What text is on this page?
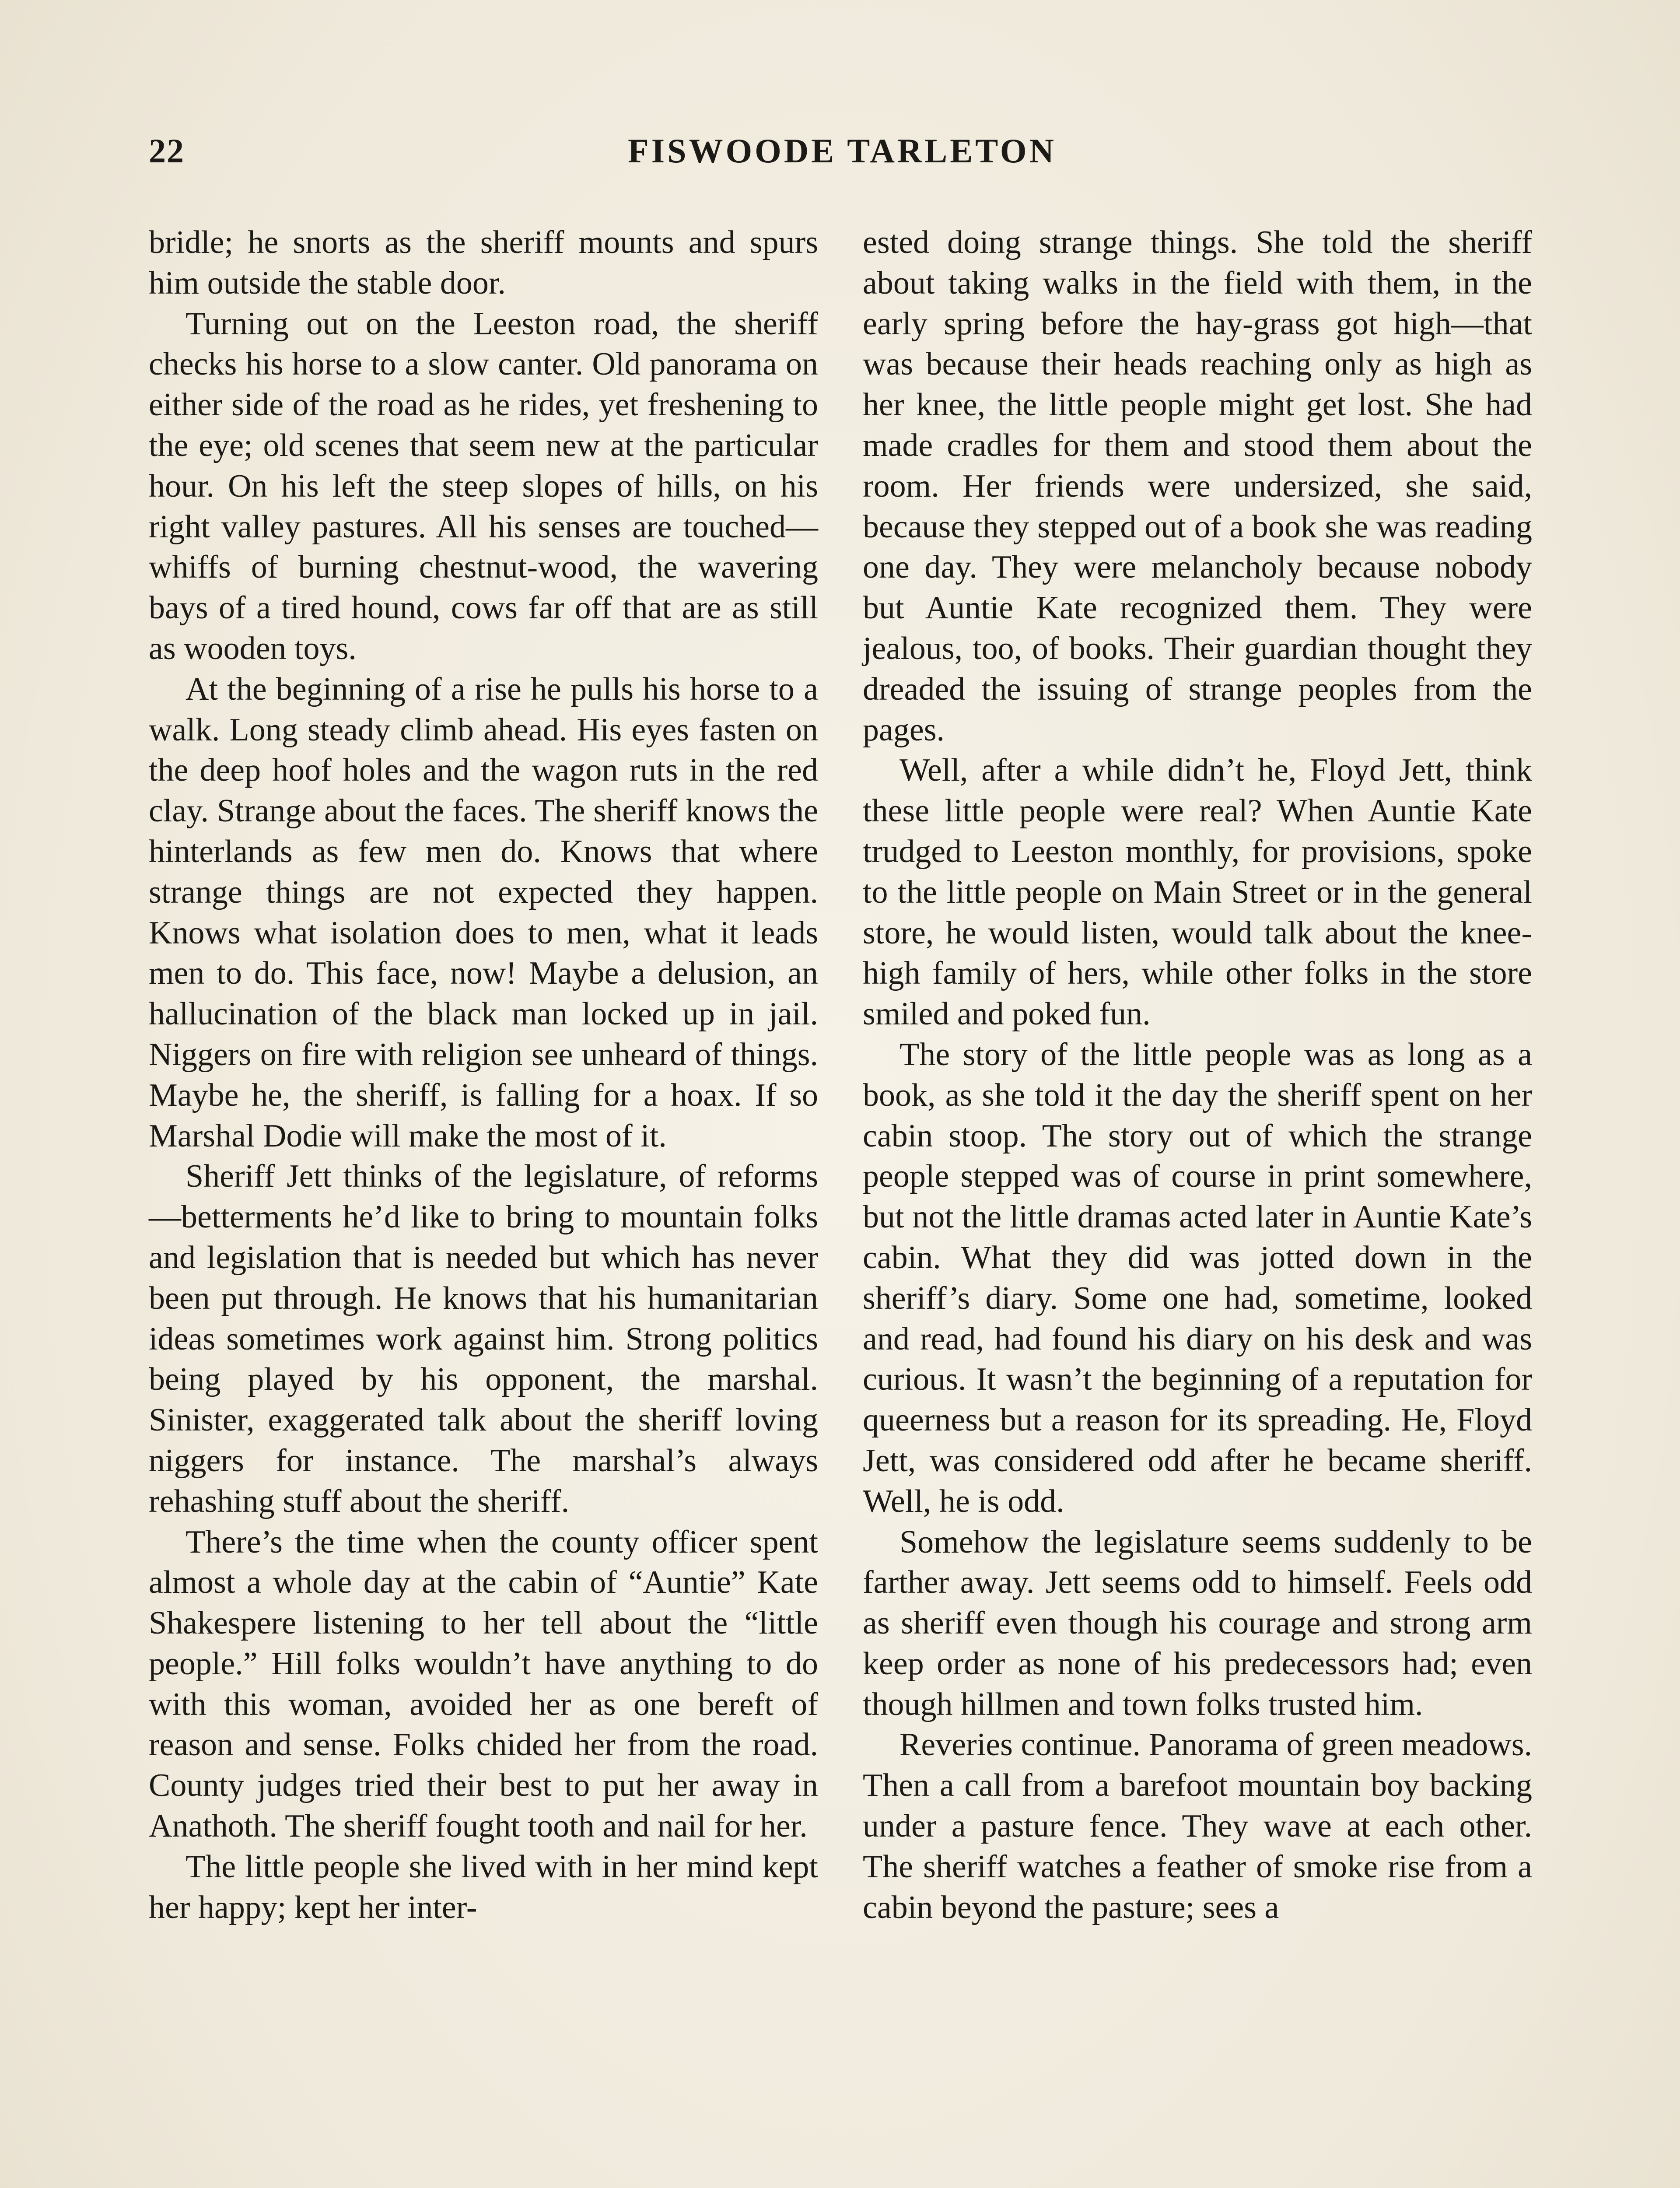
22	FISWOODE TARLETON

bridle; he snorts as the sheriff mounts and spurs him outside the stable door.

Turning out on the Leeston road, the sheriff checks his horse to a slow canter. Old panorama on either side of the road as he rides, yet freshening to the eye; old scenes that seem new at the particular hour. On his left the steep slopes of hills, on his right valley pastures. All his senses are touched—whiffs of burning chestnut-wood, the wavering bays of a tired hound, cows far off that are as still as wooden toys.

At the beginning of a rise he pulls his horse to a walk. Long steady climb ahead. His eyes fasten on the deep hoof holes and the wagon ruts in the red clay. Strange about the faces. The sheriff knows the hinterlands as few men do. Knows that where strange things are not expected they happen. Knows what isolation does to men, what it leads men to do. This face, now! Maybe a delusion, an hallucination of the black man locked up in jail. Niggers on fire with religion see unheard of things. Maybe he, the sheriff, is falling for a hoax. If so Marshal Dodie will make the most of it.

Sheriff Jett thinks of the legislature, of reforms—betterments he’d like to bring to mountain folks and legislation that is needed but which has never been put through. He knows that his humanitarian ideas sometimes work against him. Strong politics being played by his opponent, the marshal. Sinister, exaggerated talk about the sheriff loving niggers for instance. The marshal’s always rehashing stuff about the sheriff.

There’s the time when the county officer spent almost a whole day at the cabin of “Auntie” Kate Shakespere listening to her tell about the “little people.” Hill folks wouldn’t have anything to do with this woman, avoided her as one bereft of reason and sense. Folks chided her from the road. County judges tried their best to put her away in Anathoth. The sheriff fought tooth and nail for her.

The little people she lived with in her mind kept her happy; kept her inter-

ested doing strange things. She told the sheriff about taking walks in the field with them, in the early spring before the hay-grass got high—that was because their heads reaching only as high as her knee, the little people might get lost. She had made cradles for them and stood them about the room. Her friends were undersized, she said, because they stepped out of a book she was reading one day. They were melancholy because nobody but Auntie Kate recognized them. They were jealous, too, of books. Their guardian thought they dreaded the issuing of strange peoples from the pages.

Well, after a while didn’t he, Floyd Jett, think these little people were real? When Auntie Kate trudged to Leeston monthly, for provisions, spoke to the little people on Main Street or in the general store, he would listen, would talk about the knee-high family of hers, while other folks in the store smiled and poked fun.

The story of the little people was as long as a book, as she told it the day the sheriff spent on her cabin stoop. The story out of which the strange people stepped was of course in print somewhere, but not the little dramas acted later in Auntie Kate’s cabin. What they did was jotted down in the sheriff’s diary. Some one had, sometime, looked and read, had found his diary on his desk and was curious. It wasn’t the beginning of a reputation for queerness but a reason for its spreading. He, Floyd Jett, was considered odd after he became sheriff. Well, he is odd.

Somehow the legislature seems suddenly to be farther away. Jett seems odd to himself. Feels odd as sheriff even though his courage and strong arm keep order as none of his predecessors had; even though hillmen and town folks trusted him.

Reveries continue. Panorama of green meadows. Then a call from a barefoot mountain boy backing under a pasture fence. They wave at each other. The sheriff watches a feather of smoke rise from a cabin beyond the pasture; sees a
